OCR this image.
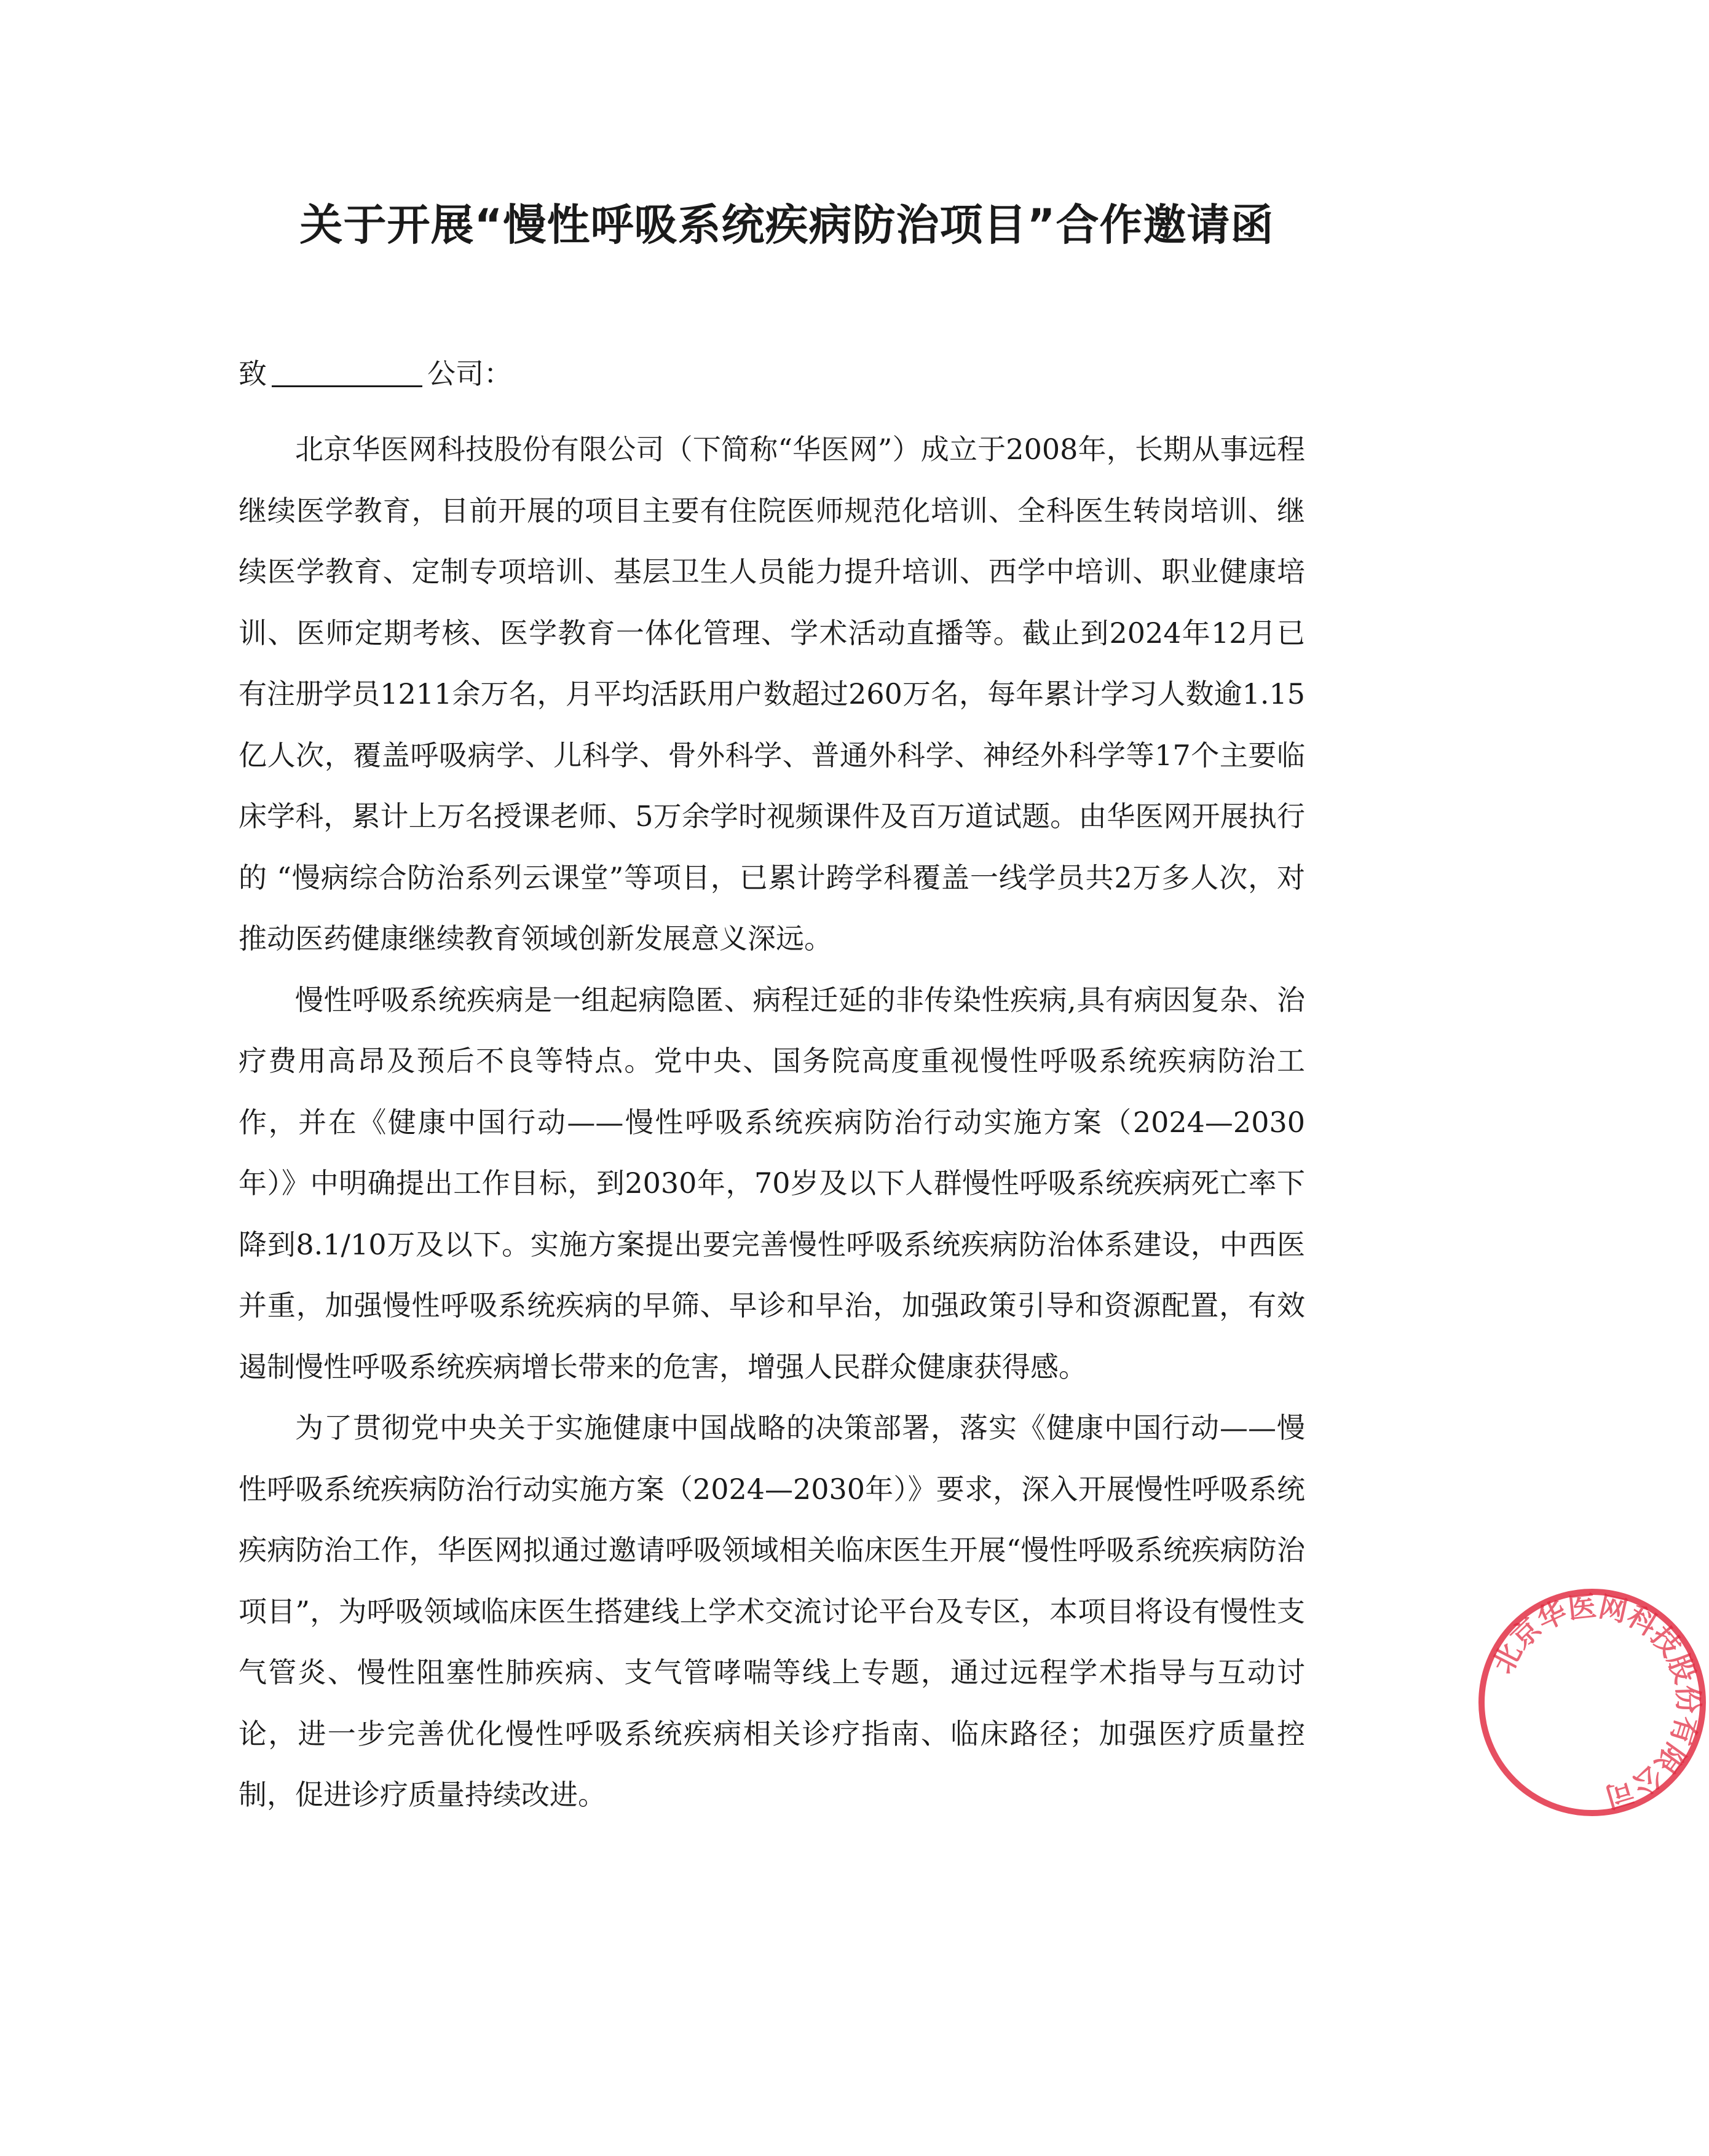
关于开展“慢性呼吸系统疾病防治项目”合作邀请函
致	公司：

北京华医网科技股份有限公司（下简称“华医网”）成立于2008年，长期从事远程继续医学教育，目前开展的项目主要有住院医师规范化培训、全科医生转岗培训、继续医学教育、定制专项培训、基层卫生人员能力提升培训、西学中培训、职业健康培训、医师定期考核、医学教育一体化管理、学术活动直播等。截止到2024年12月已有注册学员1211余万名，月平均活跃用户数超过260万名，每年累计学习人数逾1.15亿人次，覆盖呼吸病学、儿科学、骨外科学、普通外科学、神经外科学等17个主要临床学科，累计上万名授课老师、5万余学时视频课件及百万道试题。由华医网开展执行的 “慢病综合防治系列云课堂”等项目，已累计跨学科覆盖一线学员共2万多人次，对推动医药健康继续教育领域创新发展意义深远。

慢性呼吸系统疾病是一组起病隐匿、病程迁延的非传染性疾病,具有病因复杂、治疗费用高昂及预后不良等特点。党中央、国务院高度重视慢性呼吸系统疾病防治工作，并在《健康中国行动——慢性呼吸系统疾病防治行动实施方案（2024—2030年）》中明确提出工作目标，到2030年，70岁及以下人群慢性呼吸系统疾病死亡率下降到8.1/10万及以下。实施方案提出要完善慢性呼吸系统疾病防治体系建设，中西医并重，加强慢性呼吸系统疾病的早筛、早诊和早治，加强政策引导和资源配置，有效遏制慢性呼吸系统疾病增长带来的危害，增强人民群众健康获得感。

为了贯彻党中央关于实施健康中国战略的决策部署，落实《健康中国行动——慢性呼吸系统疾病防治行动实施方案（2024—2030年）》要求，深入开展慢性呼吸系统疾病防治工作，华医网拟通过邀请呼吸领域相关临床医生开展“慢性呼吸系统疾病防治项目”，为呼吸领域临床医生搭建线上学术交流讨论平台及专区，本项目将设有慢性支气管炎、慢性阻塞性肺疾病、支气管哮喘等线上专题，通过远程学术指导与互动讨论，进一步完善优化慢性呼吸系统疾病相关诊疗指南、临床路径；加强医疗质量控制，促进诊疗质量持续改进。

北京华医网科技股份有限公司
